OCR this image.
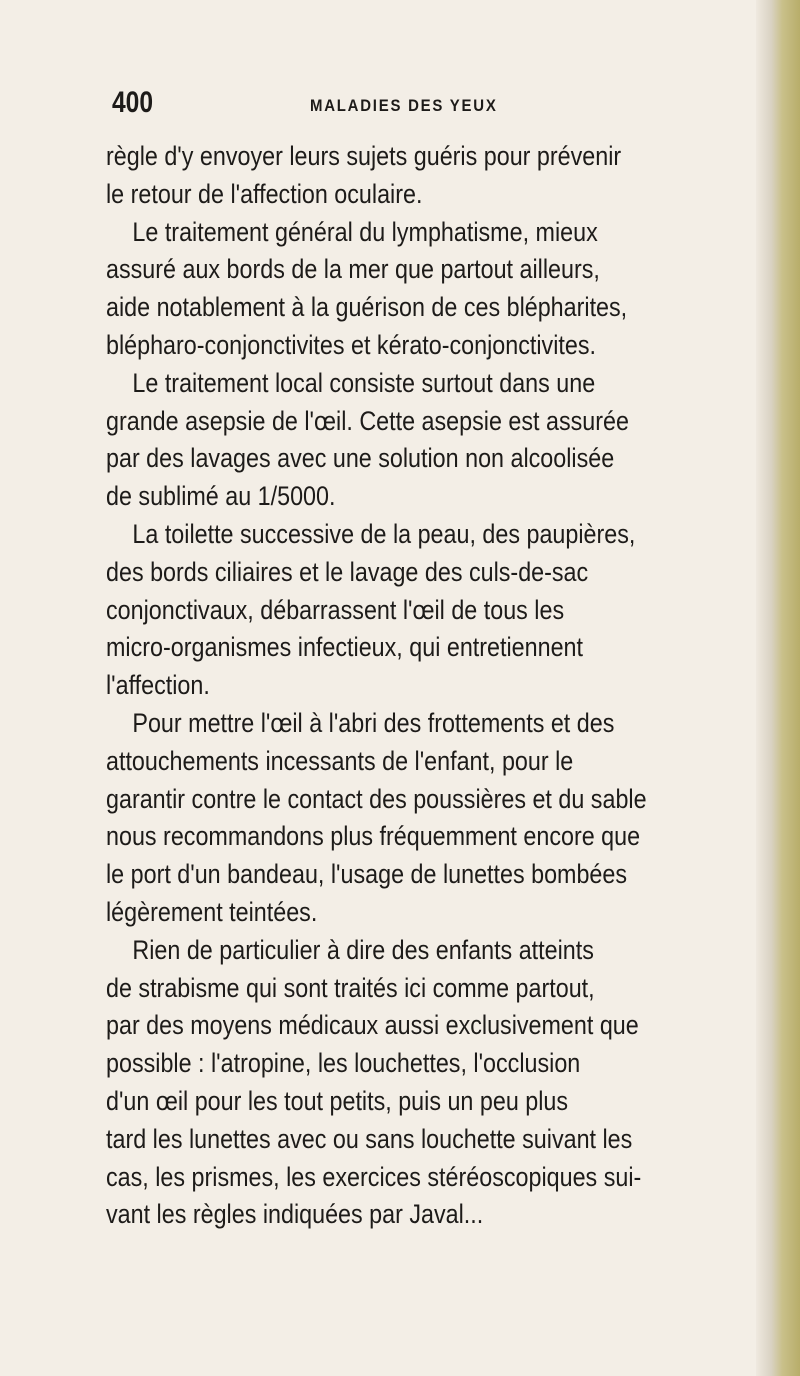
400	MALADIES DES YEUX
règle d'y envoyer leurs sujets guéris pour prévenir
le retour de l'affection oculaire.
Le traitement général du lymphatisme, mieux
assuré aux bords de la mer que partout ailleurs,
aide notablement à la guérison de ces blépharites,
blépharo-conjonctivites et kérato-conjonctivites.
Le traitement local consiste surtout dans une
grande asepsie de l'œil. Cette asepsie est assurée
par des lavages avec une solution non alcoolisée
de sublimé au 1/5000.
La toilette successive de la peau, des paupières,
des bords ciliaires et le lavage des culs-de-sac
conjonctivaux, débarrassent l'œil de tous les
micro-organismes infectieux, qui entretiennent
l'affection.
Pour mettre l'œil à l'abri des frottements et des
attouchements incessants de l'enfant, pour le
garantir contre le contact des poussières et du sable
nous recommandons plus fréquemment encore que
le port d'un bandeau, l'usage de lunettes bombées
légèrement teintées.
Rien de particulier à dire des enfants atteints
de strabisme qui sont traités ici comme partout,
par des moyens médicaux aussi exclusivement que
possible : l'atropine, les louchettes, l'occlusion
d'un œil pour les tout petits, puis un peu plus
tard les lunettes avec ou sans louchette suivant les
cas, les prismes, les exercices stéréoscopiques sui-
vant les règles indiquées par Javal...
